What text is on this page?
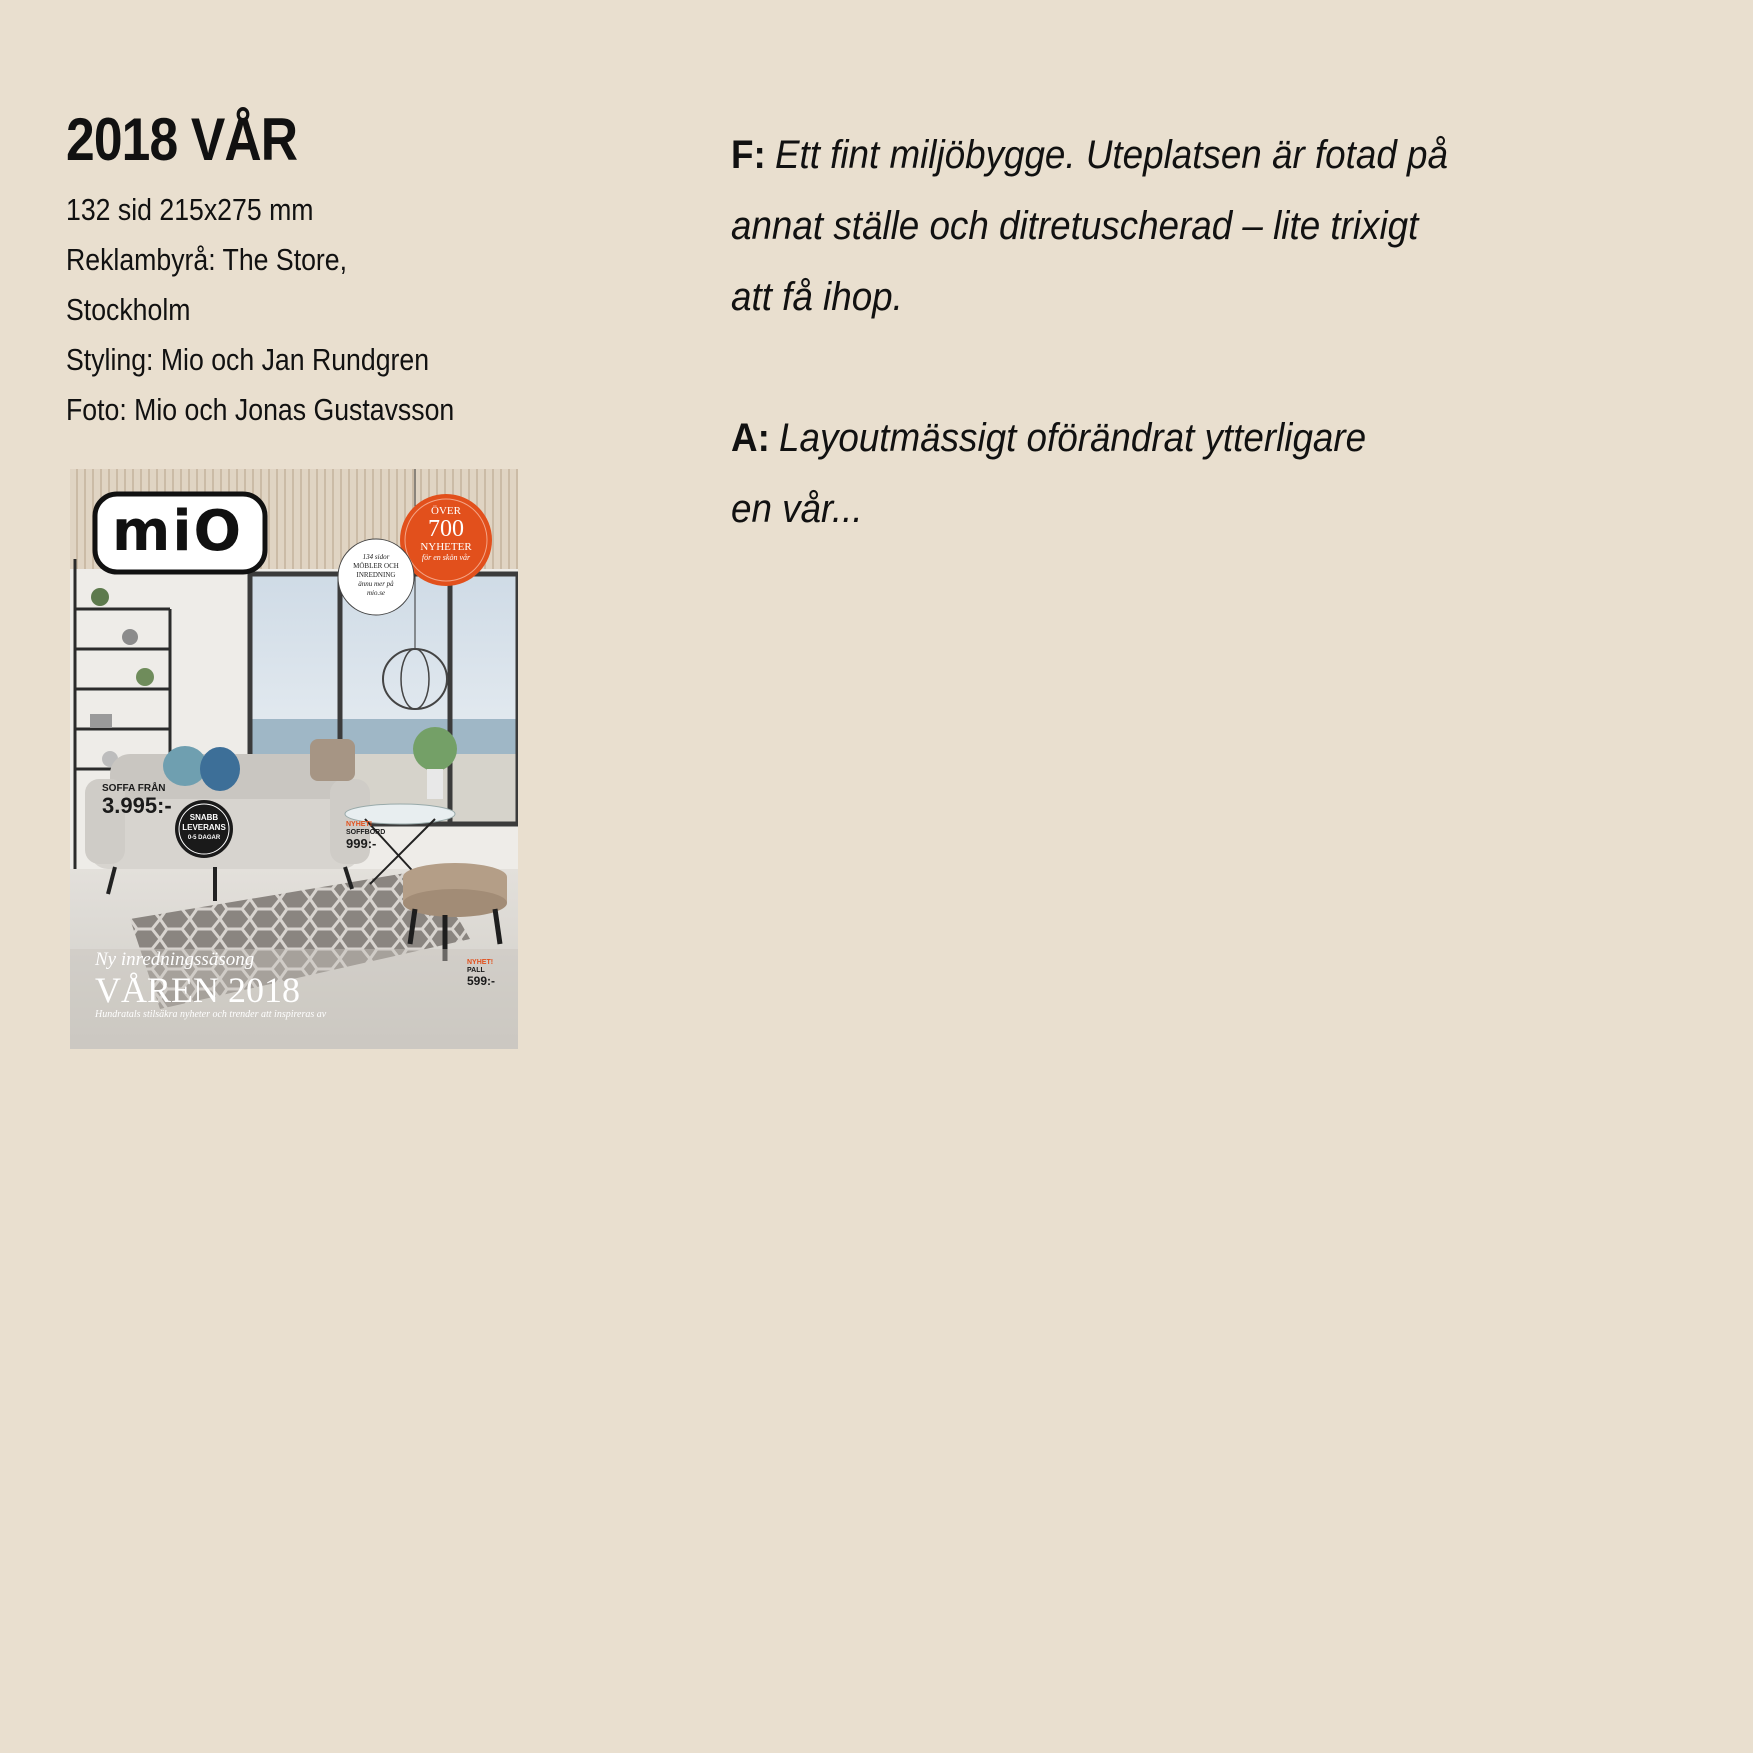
2018 VÅR
132 sid 215x275 mm
Reklambyrå: The Store,
Stockholm
Styling: Mio och Jan Rundgren
Foto: Mio och Jonas Gustavsson
miO	ÖVER
700
NYHETER
för en skön vår
134 sidor
MÖBLER OCH
INREDNING
ännu mer på
mio.se
SOFFA FRÅN
3.995:-	SNABB
LEVERANS
0-5 DAGAR
NYHET!
SOFFBORD
999:-
NYHET!
PALL
599:-
Ny inredningssäsong
VÅREN 2018
Hundratals stilsäkra nyheter och trender att inspireras av
F: Ett fint miljöbygge. Uteplatsen är fotad på
annat ställe och ditretuscherad – lite trixigt
att få ihop.
A: Layoutmässigt oförändrat ytterligare
en vår...
